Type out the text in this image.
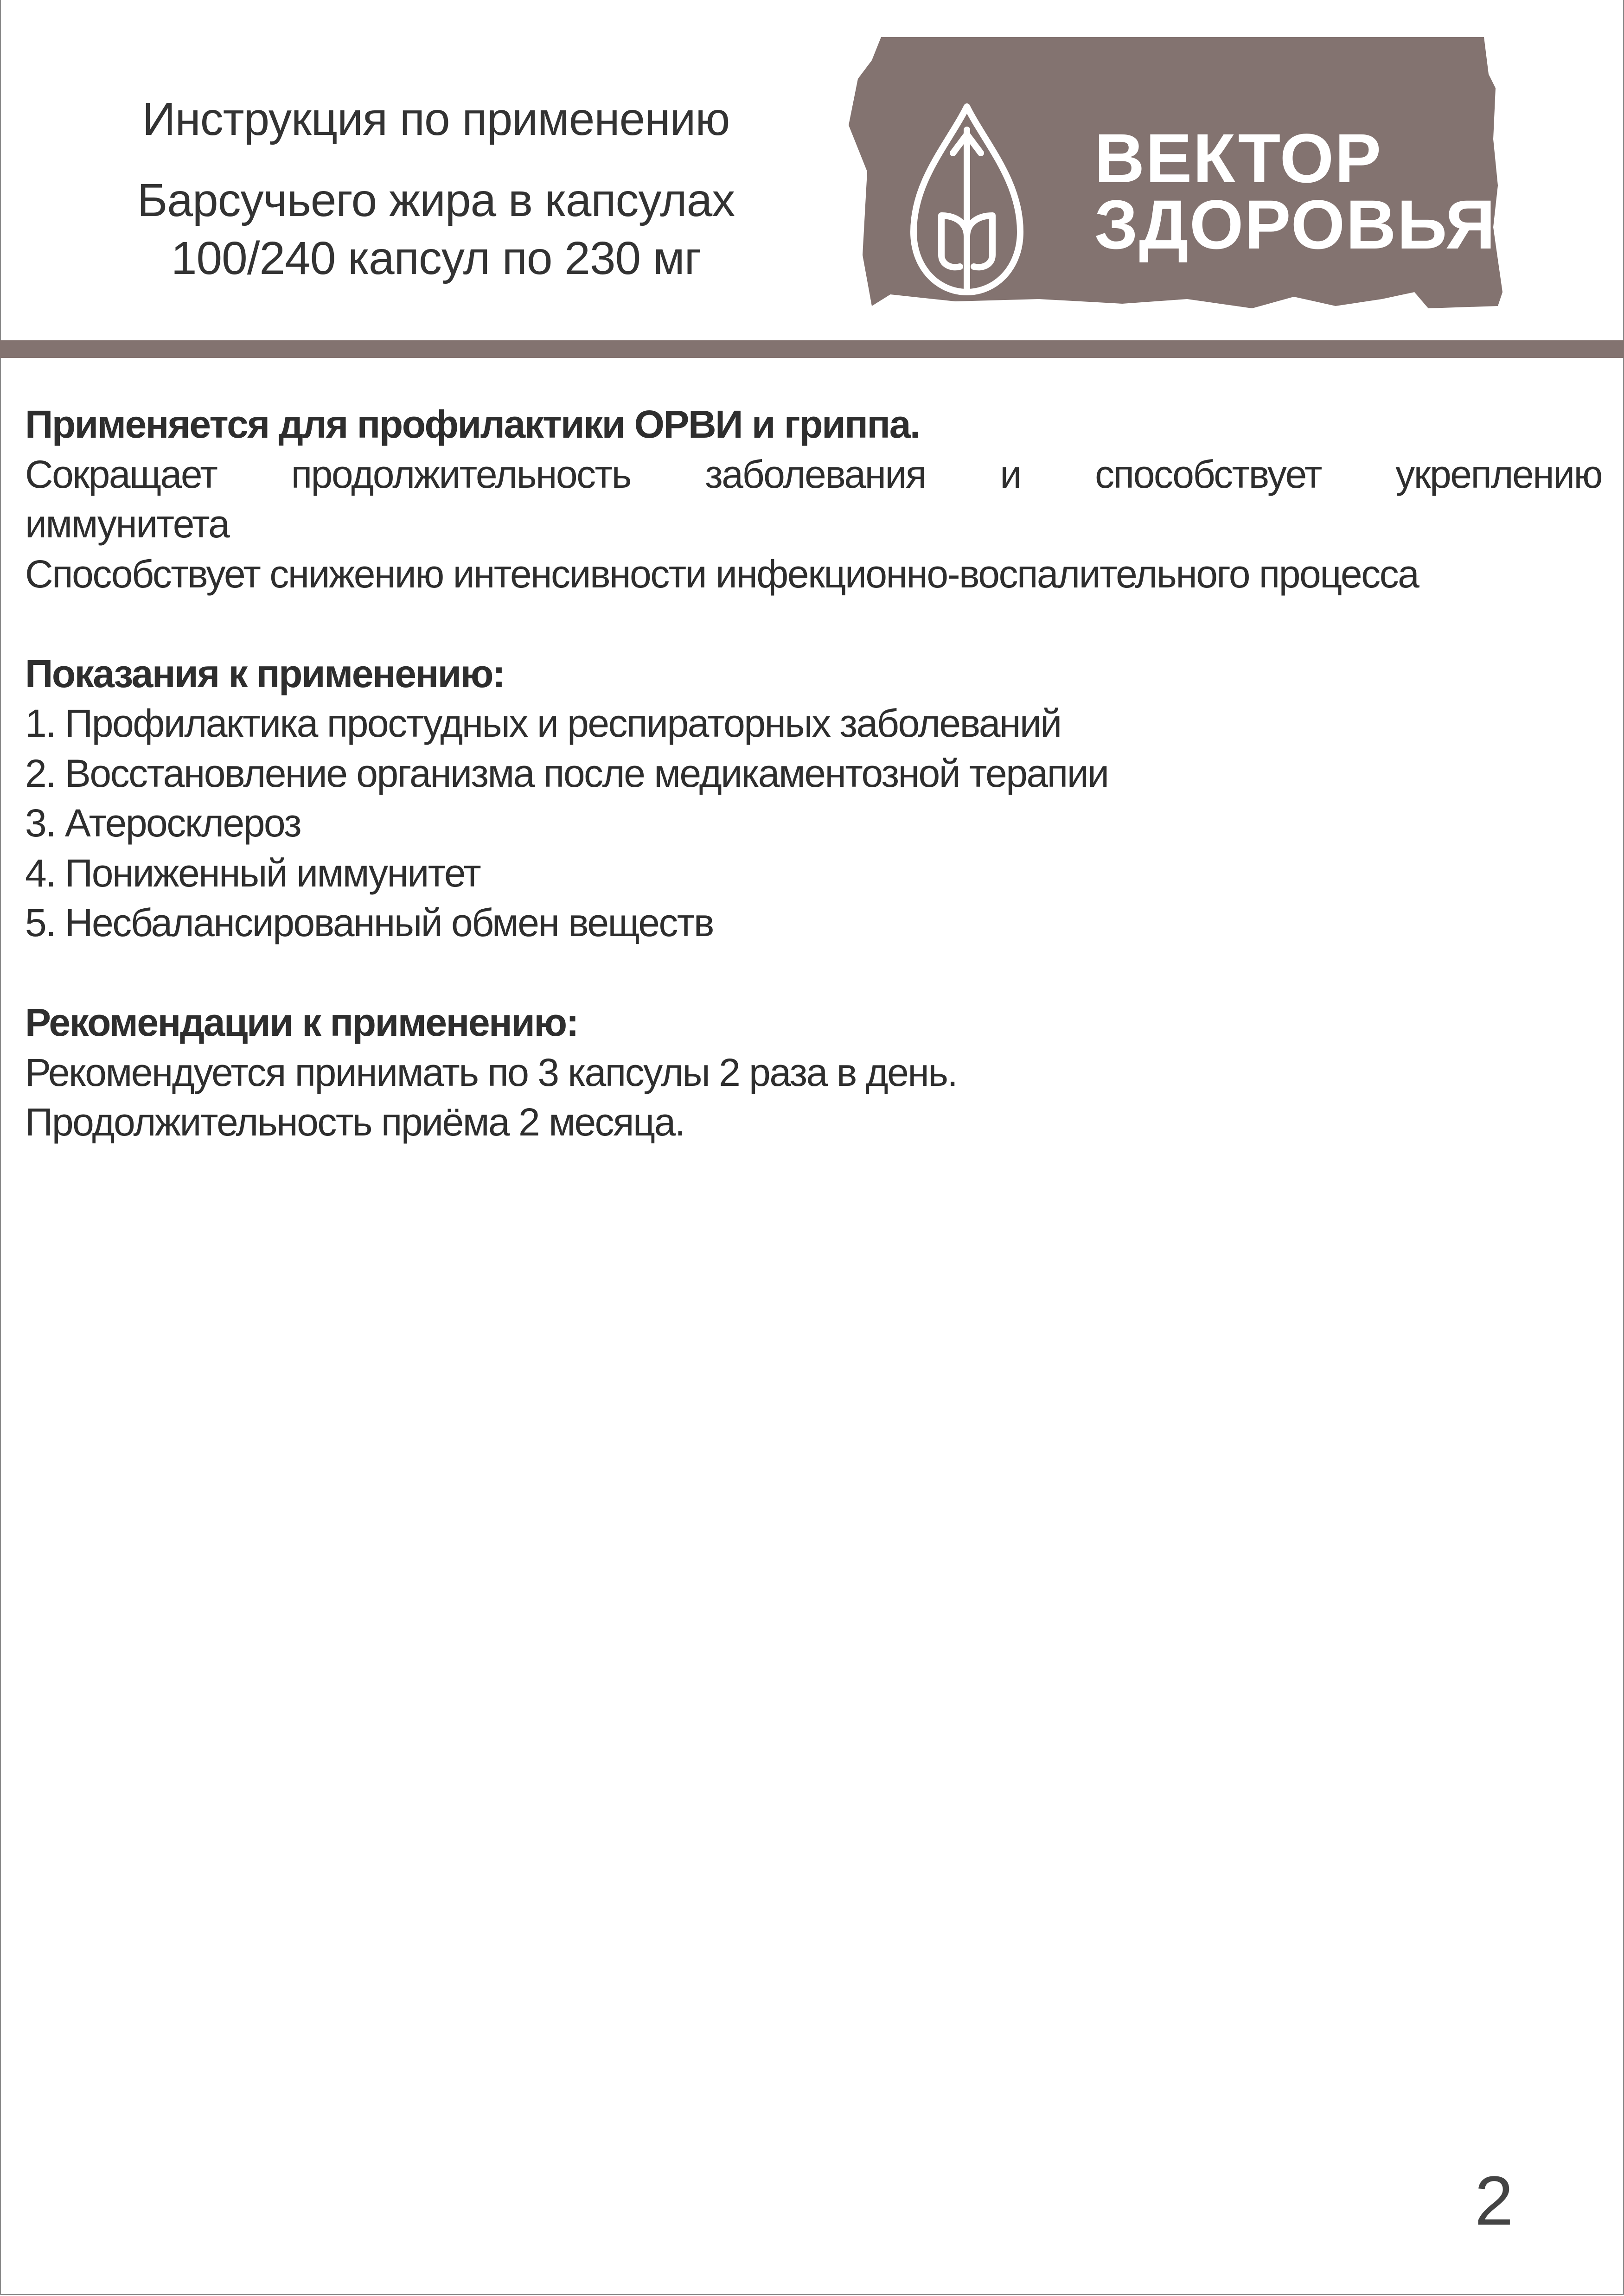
Инструкция по применению
Барсучьего жира в капсулах
100/240 капсул по 230 мг
ВЕКТОР
ЗДОРОВЬЯ

Применяется для профилактики ОРВИ и гриппа.

Сокращает продолжительность заболевания и способствует укреплению

иммунитета

Способствует снижению интенсивности инфекционно-воспалительного процесса

Показания к применению:

1. Профилактика простудных и респираторных заболеваний

2. Восстановление организма после медикаментозной терапии

3. Атеросклероз

4. Пониженный иммунитет

5. Несбалансированный обмен веществ

Рекомендации к применению:

Рекомендуется принимать по 3 капсулы 2 раза в день.

Продолжительность приёма 2 месяца.

2
